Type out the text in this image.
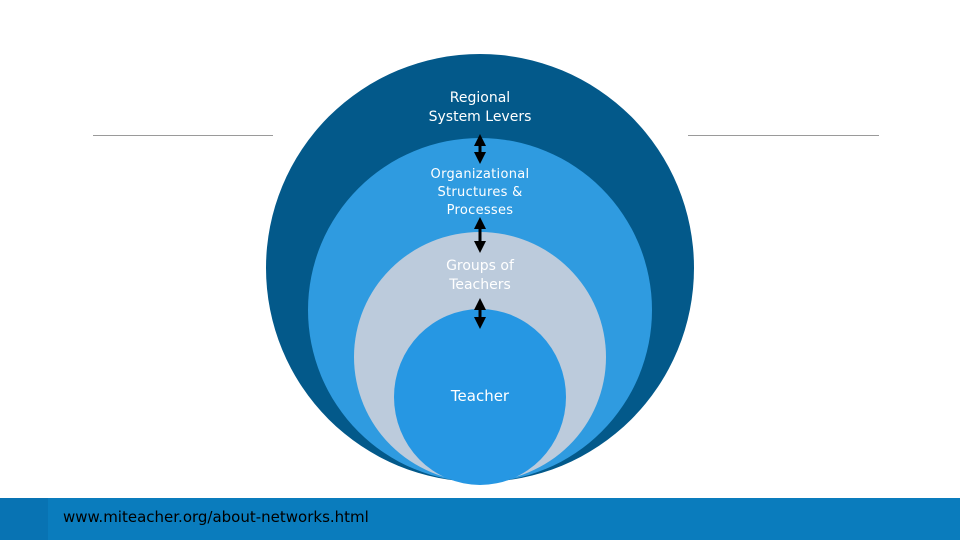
Regional
System Levers
Organizational
Structures &
Processes
Groups of
Teachers
Teacher
www.miteacher.org/about-networks.html
